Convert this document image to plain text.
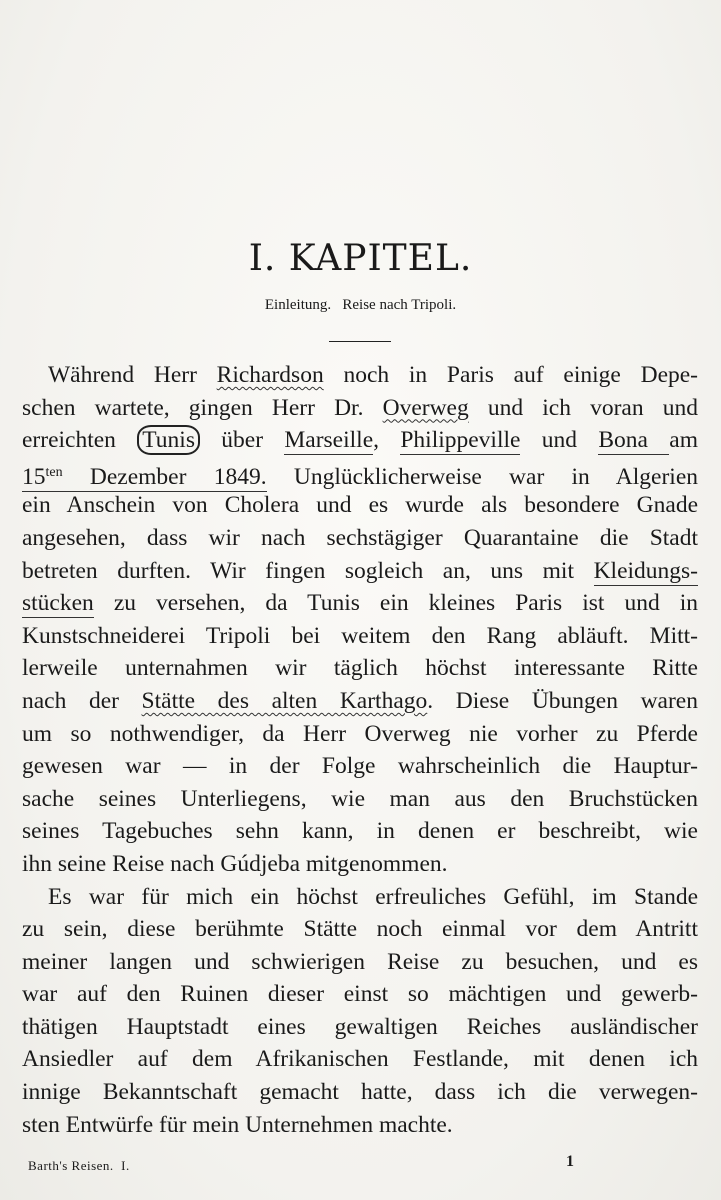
I. KAPITEL.
Einleitung.   Reise nach Tripoli.
Während Herr Richardson noch in Paris auf einige Depe-
schen wartete, gingen Herr Dr. Overweg und ich voran und
erreichten Tunis über Marseille, Philippeville und Bona am
$15^{ten}$ Dezember 1849. Unglücklicherweise war in Algerien
ein Anschein von Cholera und es wurde als besondere Gnade
angesehen, dass wir nach sechstägiger Quarantaine die Stadt
betreten durften. Wir fingen sogleich an, uns mit Kleidungs-
stücken zu versehen, da Tunis ein kleines Paris ist und in
Kunstschneiderei Tripoli bei weitem den Rang abläuft. Mitt-
lerweile unternahmen wir täglich höchst interessante Ritte
nach der Stätte des alten Karthago. Diese Übungen waren
um so nothwendiger, da Herr Overweg nie vorher zu Pferde
gewesen war — in der Folge wahrscheinlich die Hauptur-
sache seines Unterliegens, wie man aus den Bruchstücken
seines Tagebuches sehn kann, in denen er beschreibt, wie
ihn seine Reise nach Gúdjeba mitgenommen.
Es war für mich ein höchst erfreuliches Gefühl, im Stande
zu sein, diese berühmte Stätte noch einmal vor dem Antritt
meiner langen und schwierigen Reise zu besuchen, und es
war auf den Ruinen dieser einst so mächtigen und gewerb-
thätigen Hauptstadt eines gewaltigen Reiches ausländischer
Ansiedler auf dem Afrikanischen Festlande, mit denen ich
innige Bekanntschaft gemacht hatte, dass ich die verwegen-
sten Entwürfe für mein Unternehmen machte.
Barth's Reisen.  I.	1
